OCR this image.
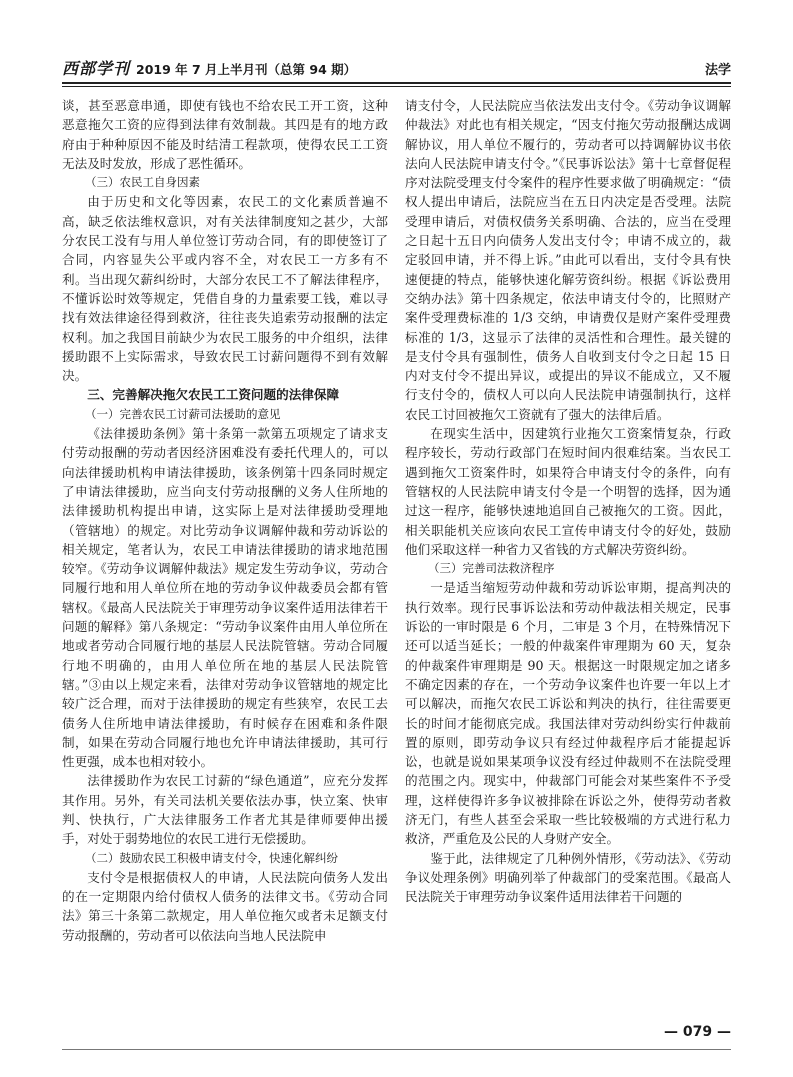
西部学刊 2019 年 7 月上半月刊（总第 94 期）	法学

谈，甚至恶意串通，即使有钱也不给农民工开工资，这种恶意拖欠工资的应得到法律有效制裁。其四是有的地方政府由于种种原因不能及时结清工程款项，使得农民工工资无法及时发放，形成了恶性循环。

（三）农民工自身因素

由于历史和文化等因素，农民工的文化素质普遍不高，缺乏依法维权意识，对有关法律制度知之甚少，大部分农民工没有与用人单位签订劳动合同，有的即使签订了合同，内容显失公平或内容不全，对农民工一方多有不利。当出现欠薪纠纷时，大部分农民工不了解法律程序，不懂诉讼时效等规定，凭借自身的力量索要工钱，难以寻找有效法律途径得到救济，往往丧失追索劳动报酬的法定权利。加之我国目前缺少为农民工服务的中介组织，法律援助跟不上实际需求，导致农民工讨薪问题得不到有效解决。

三、完善解决拖欠农民工工资问题的法律保障
（一）完善农民工讨薪司法援助的意见

《法律援助条例》第十条第一款第五项规定了请求支付劳动报酬的劳动者因经济困难没有委托代理人的，可以向法律援助机构申请法律援助，该条例第十四条同时规定了申请法律援助，应当向支付劳动报酬的义务人住所地的法律援助机构提出申请，这实际上是对法律援助受理地（管辖地）的规定。对比劳动争议调解仲裁和劳动诉讼的相关规定，笔者认为，农民工申请法律援助的请求地范围较窄。《劳动争议调解仲裁法》规定发生劳动争议，劳动合同履行地和用人单位所在地的劳动争议仲裁委员会都有管辖权。《最高人民法院关于审理劳动争议案件适用法律若干问题的解释》第八条规定：“劳动争议案件由用人单位所在地或者劳动合同履行地的基层人民法院管辖。劳动合同履行地不明确的，由用人单位所在地的基层人民法院管辖。”③由以上规定来看，法律对劳动争议管辖地的规定比较广泛合理，而对于法律援助的规定有些狭窄，农民工去债务人住所地申请法律援助，有时候存在困难和条件限制，如果在劳动合同履行地也允许申请法律援助，其可行性更强，成本也相对较小。

法律援助作为农民工讨薪的“绿色通道”，应充分发挥其作用。另外，有关司法机关要依法办事，快立案、快审判、快执行，广大法律服务工作者尤其是律师要伸出援手，对处于弱势地位的农民工进行无偿援助。

（二）鼓励农民工积极申请支付令，快速化解纠纷

支付令是根据债权人的申请，人民法院向债务人发出的在一定期限内给付债权人债务的法律文书。《劳动合同法》第三十条第二款规定，用人单位拖欠或者未足额支付劳动报酬的，劳动者可以依法向当地人民法院申

请支付令，人民法院应当依法发出支付令。《劳动争议调解仲裁法》对此也有相关规定，“因支付拖欠劳动报酬达成调解协议，用人单位不履行的，劳动者可以持调解协议书依法向人民法院申请支付令。”《民事诉讼法》第十七章督促程序对法院受理支付令案件的程序性要求做了明确规定：“债权人提出申请后，法院应当在五日内决定是否受理。法院受理申请后，对债权债务关系明确、合法的，应当在受理之日起十五日内向债务人发出支付令；申请不成立的，裁定驳回申请，并不得上诉。”由此可以看出，支付令具有快速便捷的特点，能够快速化解劳资纠纷。根据《诉讼费用交纳办法》第十四条规定，依法申请支付令的，比照财产案件受理费标准的 1/3 交纳，申请费仅是财产案件受理费标准的 1/3，这显示了法律的灵活性和合理性。最关键的是支付令具有强制性，债务人自收到支付令之日起 15 日内对支付令不提出异议，或提出的异议不能成立，又不履行支付令的，债权人可以向人民法院申请强制执行，这样农民工讨回被拖欠工资就有了强大的法律后盾。

在现实生活中，因建筑行业拖欠工资案情复杂，行政程序较长，劳动行政部门在短时间内很难结案。当农民工遇到拖欠工资案件时，如果符合申请支付令的条件，向有管辖权的人民法院申请支付令是一个明智的选择，因为通过这一程序，能够快速地追回自己被拖欠的工资。因此，相关职能机关应该向农民工宣传申请支付令的好处，鼓励他们采取这样一种省力又省钱的方式解决劳资纠纷。

（三）完善司法救济程序

一是适当缩短劳动仲裁和劳动诉讼审期，提高判决的执行效率。现行民事诉讼法和劳动仲裁法相关规定，民事诉讼的一审时限是 6 个月，二审是 3 个月，在特殊情况下还可以适当延长；一般的仲裁案件审理期为 60 天，复杂的仲裁案件审理期是 90 天。根据这一时限规定加之诸多不确定因素的存在，一个劳动争议案件也许要一年以上才可以解决，而拖欠农民工诉讼和判决的执行，往往需要更长的时间才能彻底完成。我国法律对劳动纠纷实行仲裁前置的原则，即劳动争议只有经过仲裁程序后才能提起诉讼，也就是说如果某项争议没有经过仲裁则不在法院受理的范围之内。现实中，仲裁部门可能会对某些案件不予受理，这样使得许多争议被排除在诉讼之外，使得劳动者救济无门，有些人甚至会采取一些比较极端的方式进行私力救济，严重危及公民的人身财产安全。

鉴于此，法律规定了几种例外情形，《劳动法》、《劳动争议处理条例》明确列举了仲裁部门的受案范围。《最高人民法院关于审理劳动争议案件适用法律若干问题的

— 079 —
